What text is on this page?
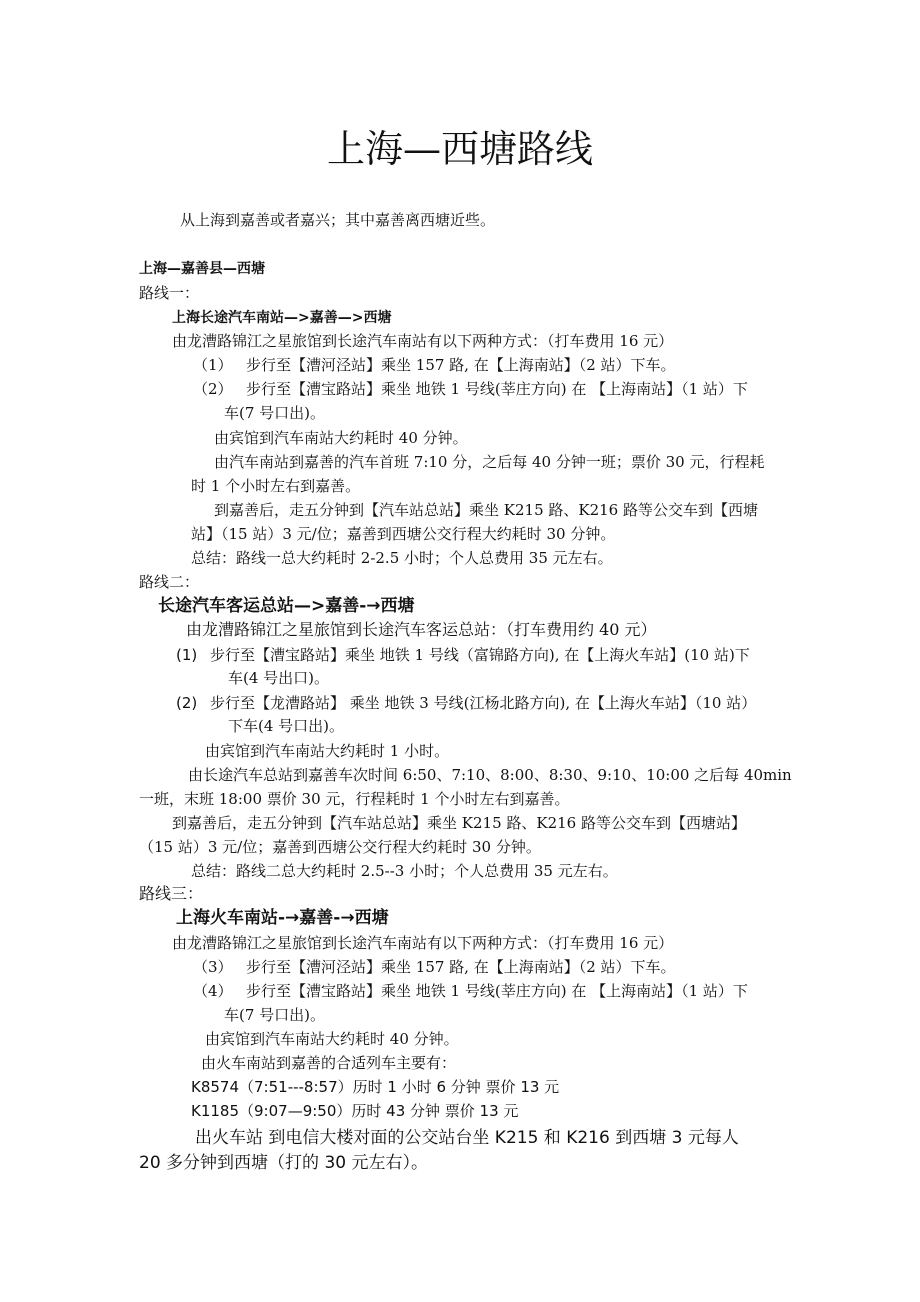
上海—西塘路线
从上海到嘉善或者嘉兴；其中嘉善离西塘近些。
上海—嘉善县—西塘
路线一：
上海长途汽车南站—>嘉善—>西塘
由龙漕路锦江之星旅馆到长途汽车南站有以下两种方式：（打车费用 16 元）
（1） 步行至【漕河泾站】乘坐 157 路, 在【上海南站】（2 站）下车。
（2） 步行至【漕宝路站】乘坐 地铁 1 号线(莘庄方向) 在 【上海南站】（1 站）下
车(7 号口出)。
由宾馆到汽车南站大约耗时 40 分钟。
由汽车南站到嘉善的汽车首班 7:10 分，之后每 40 分钟一班；票价 30 元，行程耗
时 1 个小时左右到嘉善。
到嘉善后，走五分钟到【汽车站总站】乘坐 K215 路、K216 路等公交车到【西塘
站】（15 站）3 元/位；嘉善到西塘公交行程大约耗时 30 分钟。
总结：路线一总大约耗时 2-2.5 小时；个人总费用 35 元左右。
路线二：
长途汽车客运总站—>嘉善-→西塘
由龙漕路锦江之星旅馆到长途汽车客运总站：（打车费用约 40 元）
(1) 步行至【漕宝路站】乘坐 地铁 1 号线（富锦路方向), 在【上海火车站】(10 站)下
车(4 号出口)。
(2) 步行至【龙漕路站】 乘坐 地铁 3 号线(江杨北路方向), 在【上海火车站】（10 站）
下车(4 号口出)。
由宾馆到汽车南站大约耗时 1 小时。
由长途汽车总站到嘉善车次时间 6:50、7:10、8:00、8:30、9:10、10:00 之后每 40min
一班，末班 18:00 票价 30 元，行程耗时 1 个小时左右到嘉善。
到嘉善后，走五分钟到【汽车站总站】乘坐 K215 路、K216 路等公交车到【西塘站】
（15 站）3 元/位；嘉善到西塘公交行程大约耗时 30 分钟。
总结：路线二总大约耗时 2.5--3 小时；个人总费用 35 元左右。
路线三：
上海火车南站-→嘉善-→西塘
由龙漕路锦江之星旅馆到长途汽车南站有以下两种方式：（打车费用 16 元）
（3） 步行至【漕河泾站】乘坐 157 路, 在【上海南站】（2 站）下车。
（4） 步行至【漕宝路站】乘坐 地铁 1 号线(莘庄方向) 在 【上海南站】（1 站）下
车(7 号口出)。
由宾馆到汽车南站大约耗时 40 分钟。
由火车南站到嘉善的合适列车主要有：
K8574（7:51---8:57）历时 1 小时 6 分钟 票价 13 元
K1185（9:07—9:50）历时 43 分钟 票价 13 元
出火车站 到电信大楼对面的公交站台坐 K215 和 K216 到西塘 3 元每人
20 多分钟到西塘（打的 30 元左右）。
